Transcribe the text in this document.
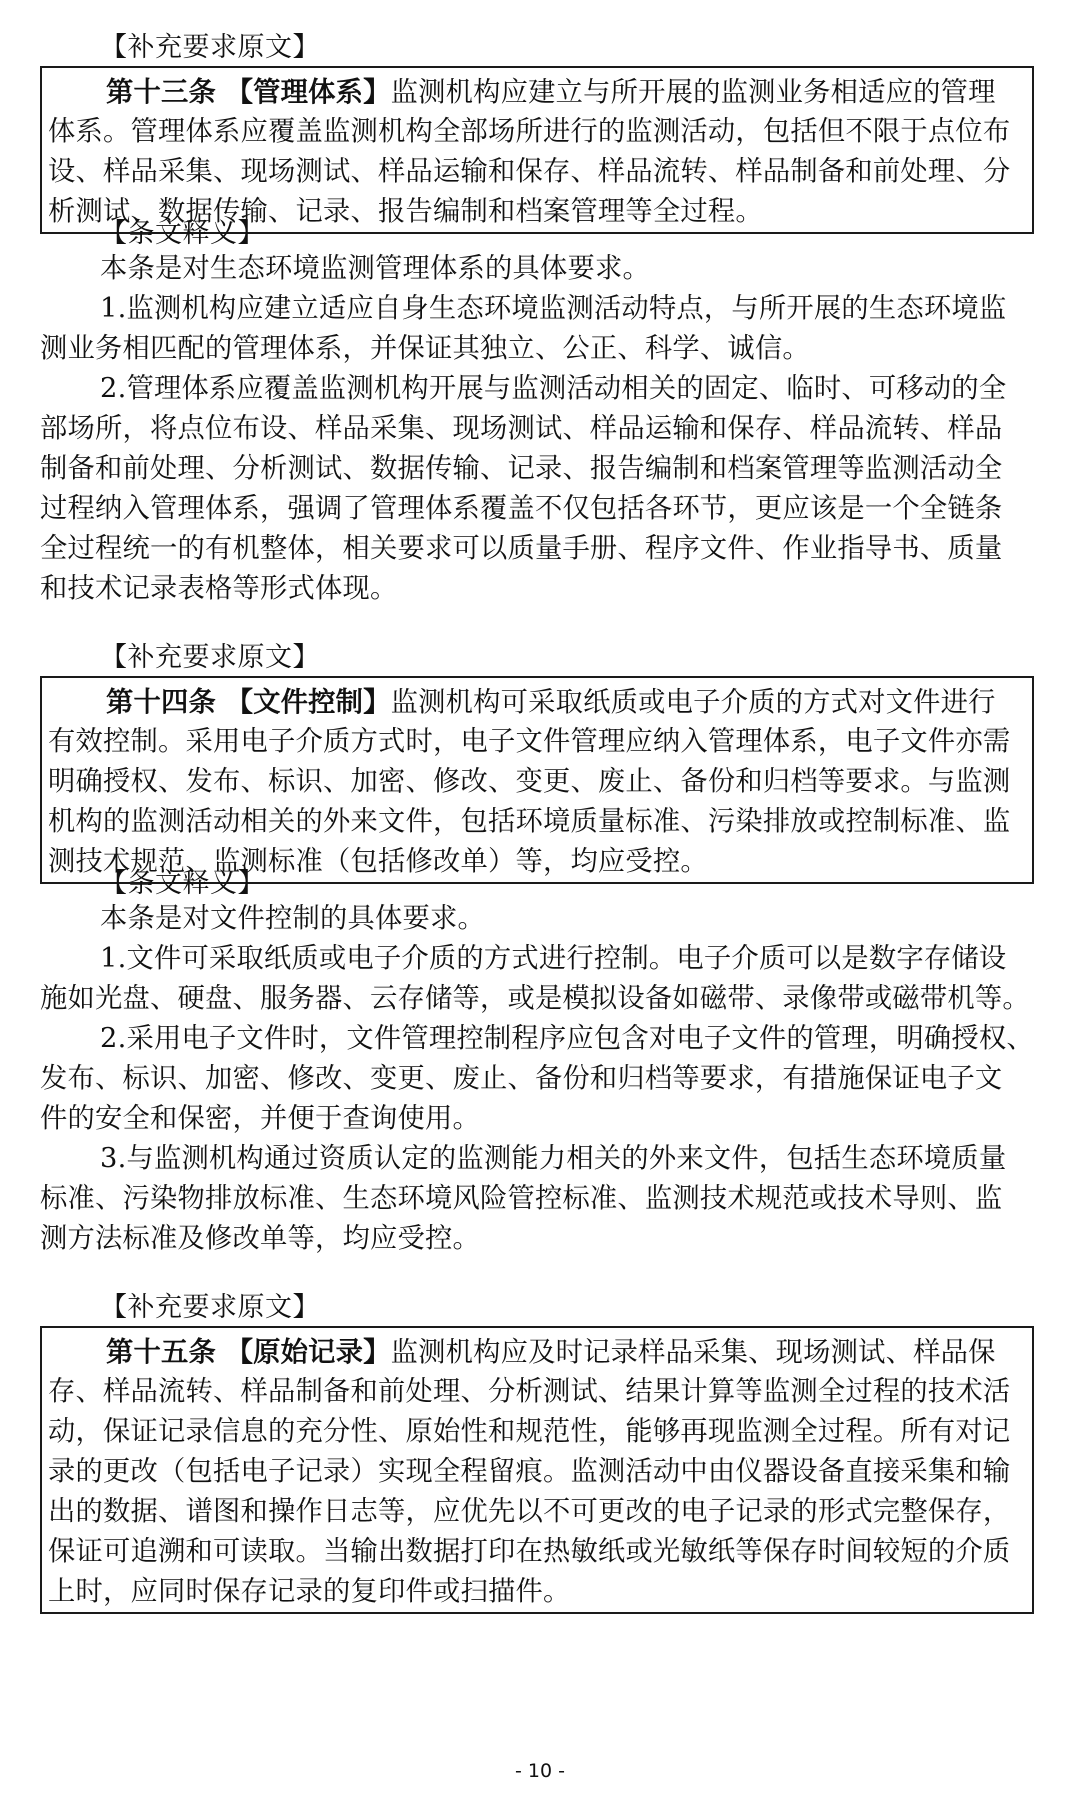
【补充要求原文】
第十三条 【管理体系】监测机构应建立与所开展的监测业务相适应的管理
体系。管理体系应覆盖监测机构全部场所进行的监测活动，包括但不限于点位布
设、样品采集、现场测试、样品运输和保存、样品流转、样品制备和前处理、分
析测试、数据传输、记录、报告编制和档案管理等全过程。
【条文释义】
本条是对生态环境监测管理体系的具体要求。
1.监测机构应建立适应自身生态环境监测活动特点，与所开展的生态环境监
测业务相匹配的管理体系，并保证其独立、公正、科学、诚信。
2.管理体系应覆盖监测机构开展与监测活动相关的固定、临时、可移动的全
部场所，将点位布设、样品采集、现场测试、样品运输和保存、样品流转、样品
制备和前处理、分析测试、数据传输、记录、报告编制和档案管理等监测活动全
过程纳入管理体系，强调了管理体系覆盖不仅包括各环节，更应该是一个全链条
全过程统一的有机整体，相关要求可以质量手册、程序文件、作业指导书、质量
和技术记录表格等形式体现。
【补充要求原文】
第十四条 【文件控制】监测机构可采取纸质或电子介质的方式对文件进行
有效控制。采用电子介质方式时，电子文件管理应纳入管理体系，电子文件亦需
明确授权、发布、标识、加密、修改、变更、废止、备份和归档等要求。与监测
机构的监测活动相关的外来文件，包括环境质量标准、污染排放或控制标准、监
测技术规范、监测标准（包括修改单）等，均应受控。
【条文释义】
本条是对文件控制的具体要求。
1.文件可采取纸质或电子介质的方式进行控制。电子介质可以是数字存储设
施如光盘、硬盘、服务器、云存储等，或是模拟设备如磁带、录像带或磁带机等。
2.采用电子文件时，文件管理控制程序应包含对电子文件的管理，明确授权、
发布、标识、加密、修改、变更、废止、备份和归档等要求，有措施保证电子文
件的安全和保密，并便于查询使用。
3.与监测机构通过资质认定的监测能力相关的外来文件，包括生态环境质量
标准、污染物排放标准、生态环境风险管控标准、监测技术规范或技术导则、监
测方法标准及修改单等，均应受控。
【补充要求原文】
第十五条 【原始记录】监测机构应及时记录样品采集、现场测试、样品保
存、样品流转、样品制备和前处理、分析测试、结果计算等监测全过程的技术活
动，保证记录信息的充分性、原始性和规范性，能够再现监测全过程。所有对记
录的更改（包括电子记录）实现全程留痕。监测活动中由仪器设备直接采集和输
出的数据、谱图和操作日志等，应优先以不可更改的电子记录的形式完整保存，
保证可追溯和可读取。当输出数据打印在热敏纸或光敏纸等保存时间较短的介质
上时，应同时保存记录的复印件或扫描件。
- 10 -
